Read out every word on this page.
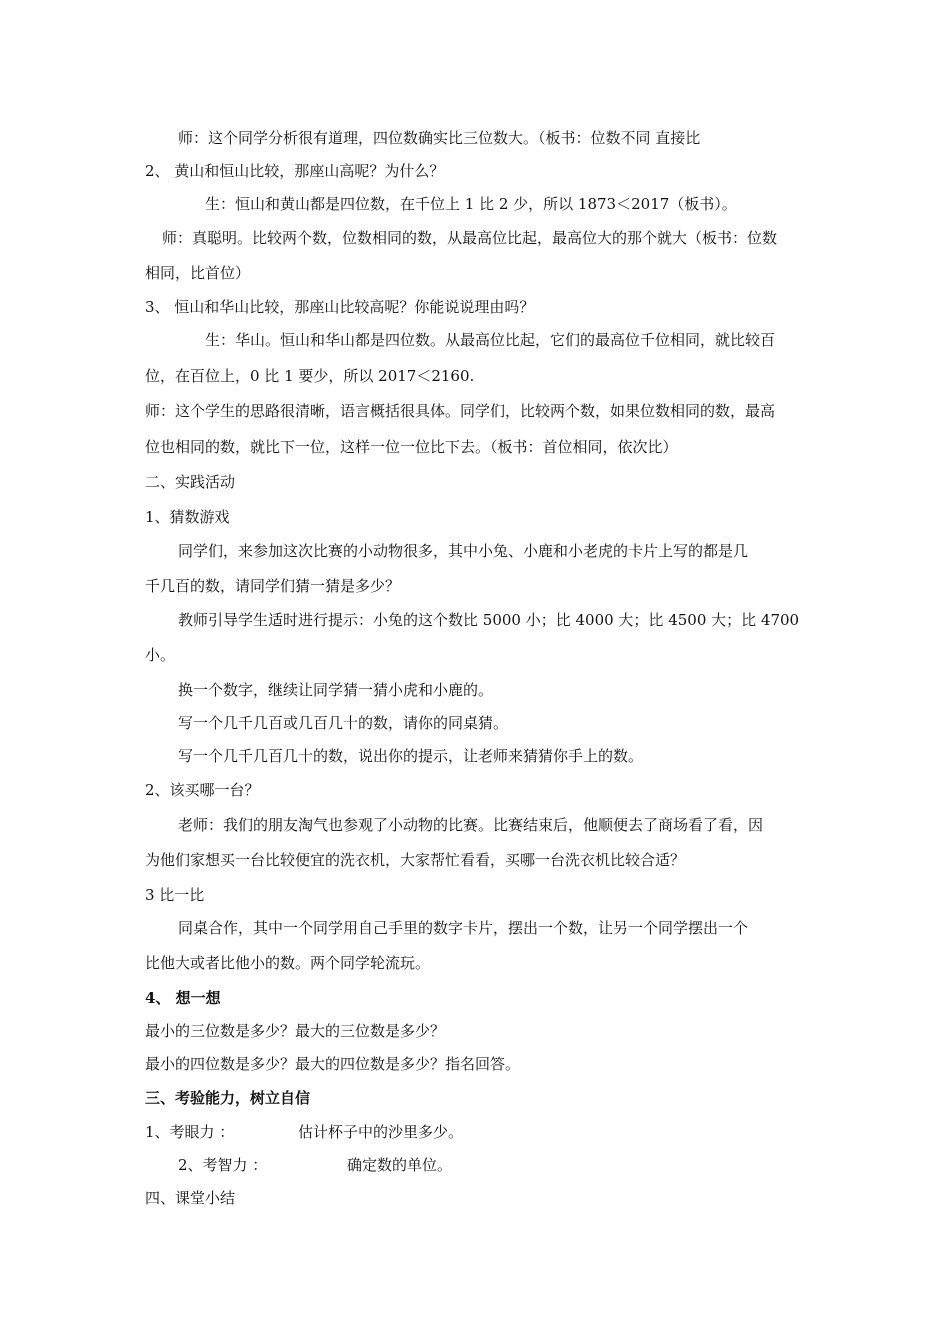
师：这个同学分析很有道理，四位数确实比三位数大。（板书：位数不同 直接比
2、 黄山和恒山比较，那座山高呢？为什么？
生：恒山和黄山都是四位数，在千位上 1 比 2 少，所以 1873＜2017（板书）。
师：真聪明。比较两个数，位数相同的数，从最高位比起，最高位大的那个就大（板书：位数
相同，比首位）
3、 恒山和华山比较，那座山比较高呢？你能说说理由吗？
生：华山。恒山和华山都是四位数。从最高位比起，它们的最高位千位相同，就比较百
位，在百位上，0 比 1 要少，所以 2017＜2160.
师：这个学生的思路很清晰，语言概括很具体。同学们，比较两个数，如果位数相同的数，最高
位也相同的数，就比下一位，这样一位一位比下去。（板书：首位相同，依次比）
二、实践活动
1、猜数游戏
同学们，来参加这次比赛的小动物很多，其中小兔、小鹿和小老虎的卡片上写的都是几
千几百的数，请同学们猜一猜是多少？
教师引导学生适时进行提示：小兔的这个数比 5000 小；比 4000 大；比 4500 大；比 4700
小。
换一个数字，继续让同学猜一猜小虎和小鹿的。
写一个几千几百或几百几十的数，请你的同桌猜。
写一个几千几百几十的数，说出你的提示，让老师来猜猜你手上的数。
2、该买哪一台？
老师：我们的朋友淘气也参观了小动物的比赛。比赛结束后，他顺便去了商场看了看，因
为他们家想买一台比较便宜的洗衣机，大家帮忙看看，买哪一台洗衣机比较合适？
3 比一比
同桌合作，其中一个同学用自己手里的数字卡片，摆出一个数，让另一个同学摆出一个
比他大或者比他小的数。两个同学轮流玩。
4、 想一想
最小的三位数是多少？最大的三位数是多少？
最小的四位数是多少？最大的四位数是多少？指名回答。
三、考验能力，树立自信
1、考眼力 ：	估计杯子中的沙里多少。
2、考智力 ：	确定数的单位。
四、课堂小结
